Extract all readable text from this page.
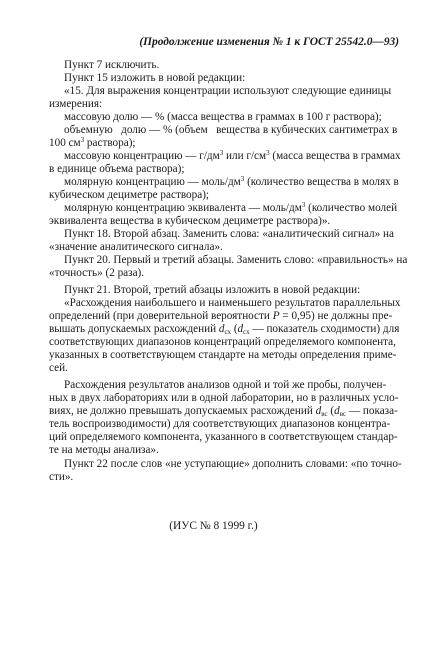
(Продолжение изменения № 1 к ГОСТ 25542.0—93)
Пункт 7 исключить.
Пункт 15 изложить в новой редакции:
«15. Для выражения концентрации используют следующие единицы
измерения:
массовую долю — % (масса вещества в граммах в 100 г раствора);
объемную   долю — % (объем   вещества в кубических сантиметрах в
100 $см^3$ раствора);
массовую концентрацию — $г/дм^3$ или $г/см^3$ (масса вещества в граммах
в единице объема раствора);
молярную концентрацию — моль/$дм^3$ (количество вещества в молях в
кубическом дециметре раствора);
молярную концентрацию эквивалента — моль/$дм^3$ (количество молей
эквивалента вещества в кубическом дециметре раствора)».
Пункт 18. Второй абзац. Заменить слова: «аналитический сигнал» на
«значение аналитического сигнала».
Пункт 20. Первый и третий абзацы. Заменить слово: «правильность» на
«точность» (2 раза).
Пункт 21. Второй, третий абзацы изложить в новой редакции:
«Расхождения наибольшего и наименьшего результатов параллельных
определений (при доверительной вероятности P = 0,95) не должны пре-
вышать допускаемых расхождений $d_{сх}$ ($d_{сх}$ — показатель сходимости) для
соответствующих диапазонов концентраций определяемого компонента,
указанных в соответствующем стандарте на методы определения приме-
сей.
Расхождения результатов анализов одной и той же пробы, получен-
ных в двух лабораториях или в одной лаборатории, но в различных усло-
виях, не должно превышать допускаемых расхождений $d_{вс}$ ($d_{вс}$ — показа-
тель воспроизводимости) для соответствующих диапазонов концентра-
ций определяемого компонента, указанного в соответствующем стандар-
те на методы анализа».
Пункт 22 после слов «не уступающие» дополнить словами: «по точно-
сти».
(ИУС № 8 1999 г.)
